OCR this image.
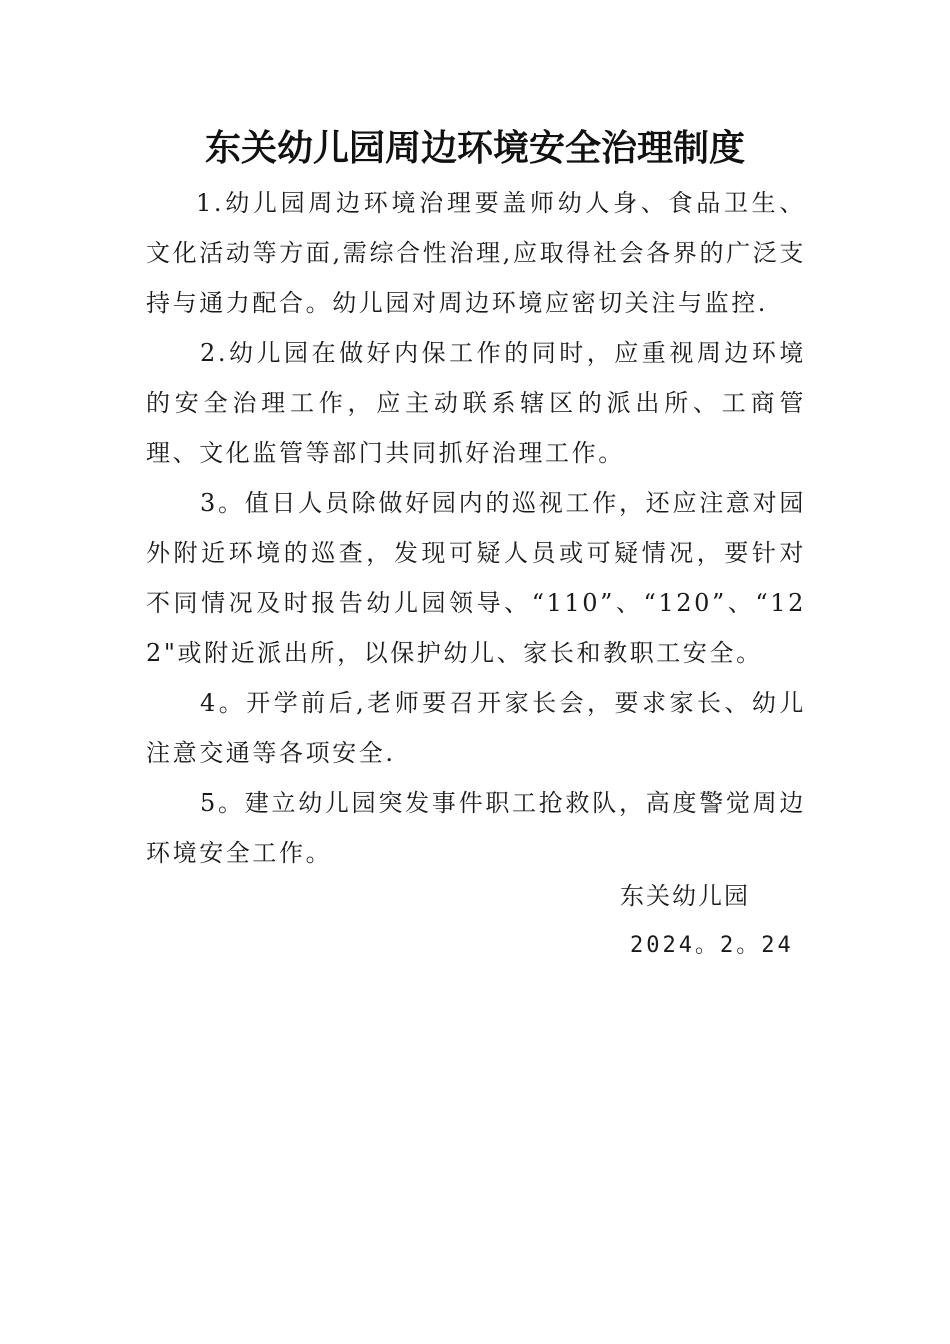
东关幼儿园周边环境安全治理制度

1.幼儿园周边环境治理要盖师幼人身、食品卫生、文化活动等方面,需综合性治理,应取得社会各界的广泛支持与通力配合。幼儿园对周边环境应密切关注与监控.

2.幼儿园在做好内保工作的同时，应重视周边环境的安全治理工作，应主动联系辖区的派出所、工商管理、文化监管等部门共同抓好治理工作。

3。值日人员除做好园内的巡视工作，还应注意对园外附近环境的巡查，发现可疑人员或可疑情况，要针对不同情况及时报告幼儿园领导、“110”、“120”、“122"或附近派出所，以保护幼儿、家长和教职工安全。

4。开学前后,老师要召开家长会，要求家长、幼儿注意交通等各项安全.

5。建立幼儿园突发事件职工抢救队，高度警觉周边环境安全工作。

东关幼儿园
2024。2。24
